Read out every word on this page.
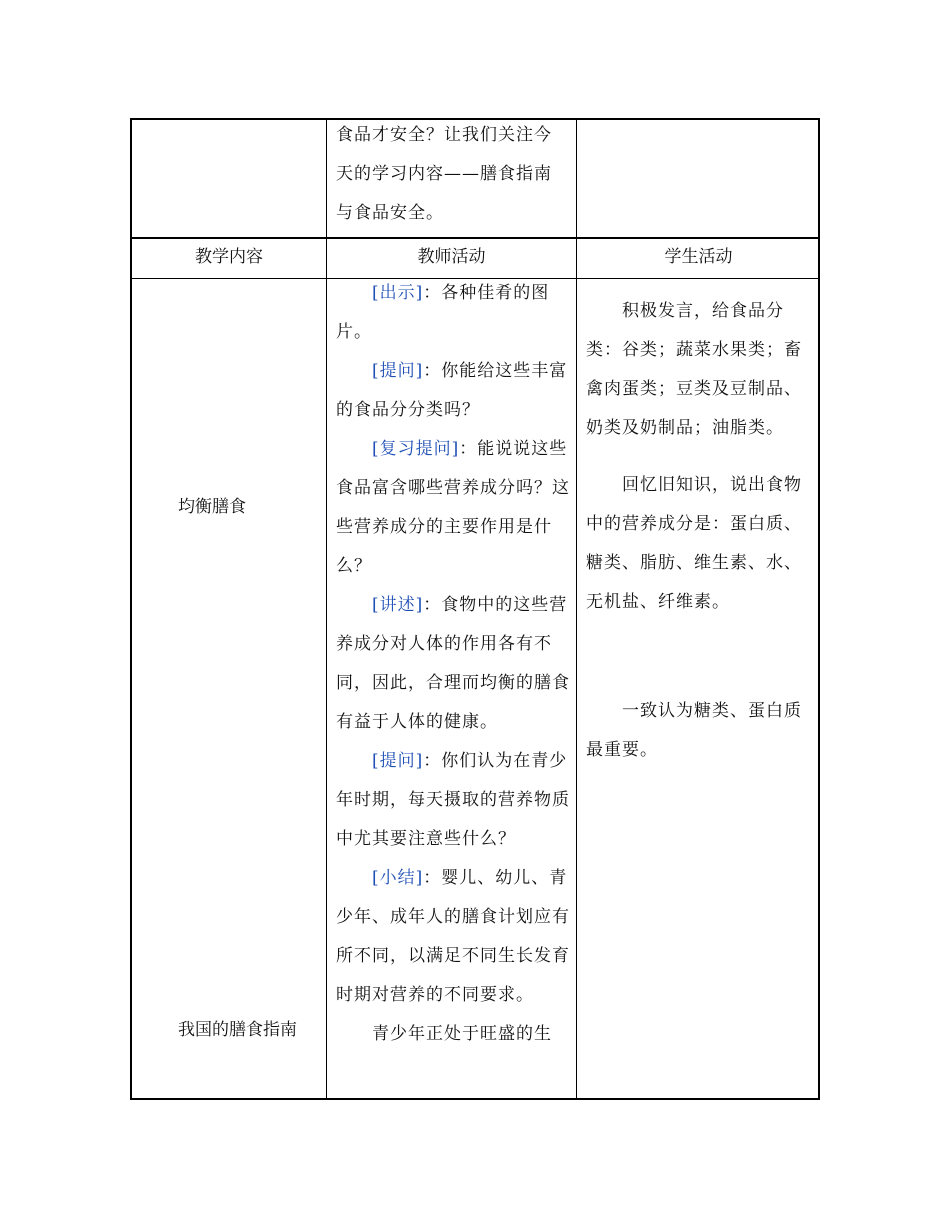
食品才安全？让我们关注今

天的学习内容——膳食指南

与食品安全。

教学内容	教师活动	学生活动
均衡膳食
我国的膳食指南

[出示]：各种佳肴的图片。

[提问]：你能给这些丰富的食品分分类吗？

[复习提问]：能说说这些食品富含哪些营养成分吗？这些营养成分的主要作用是什么？

[讲述]：食物中的这些营养成分对人体的作用各有不同，因此，合理而均衡的膳食有益于人体的健康。

[提问]：你们认为在青少年时期，每天摄取的营养物质中尤其要注意些什么？

[小结]：婴儿、幼儿、青少年、成年人的膳食计划应有所不同，以满足不同生长发育时期对营养的不同要求。

青少年正处于旺盛的生

积极发言，给食品分类：谷类；蔬菜水果类；畜禽肉蛋类；豆类及豆制品、奶类及奶制品；油脂类。

回忆旧知识，说出食物中的营养成分是：蛋白质、糖类、脂肪、维生素、水、无机盐、纤维素。

一致认为糖类、蛋白质最重要。
